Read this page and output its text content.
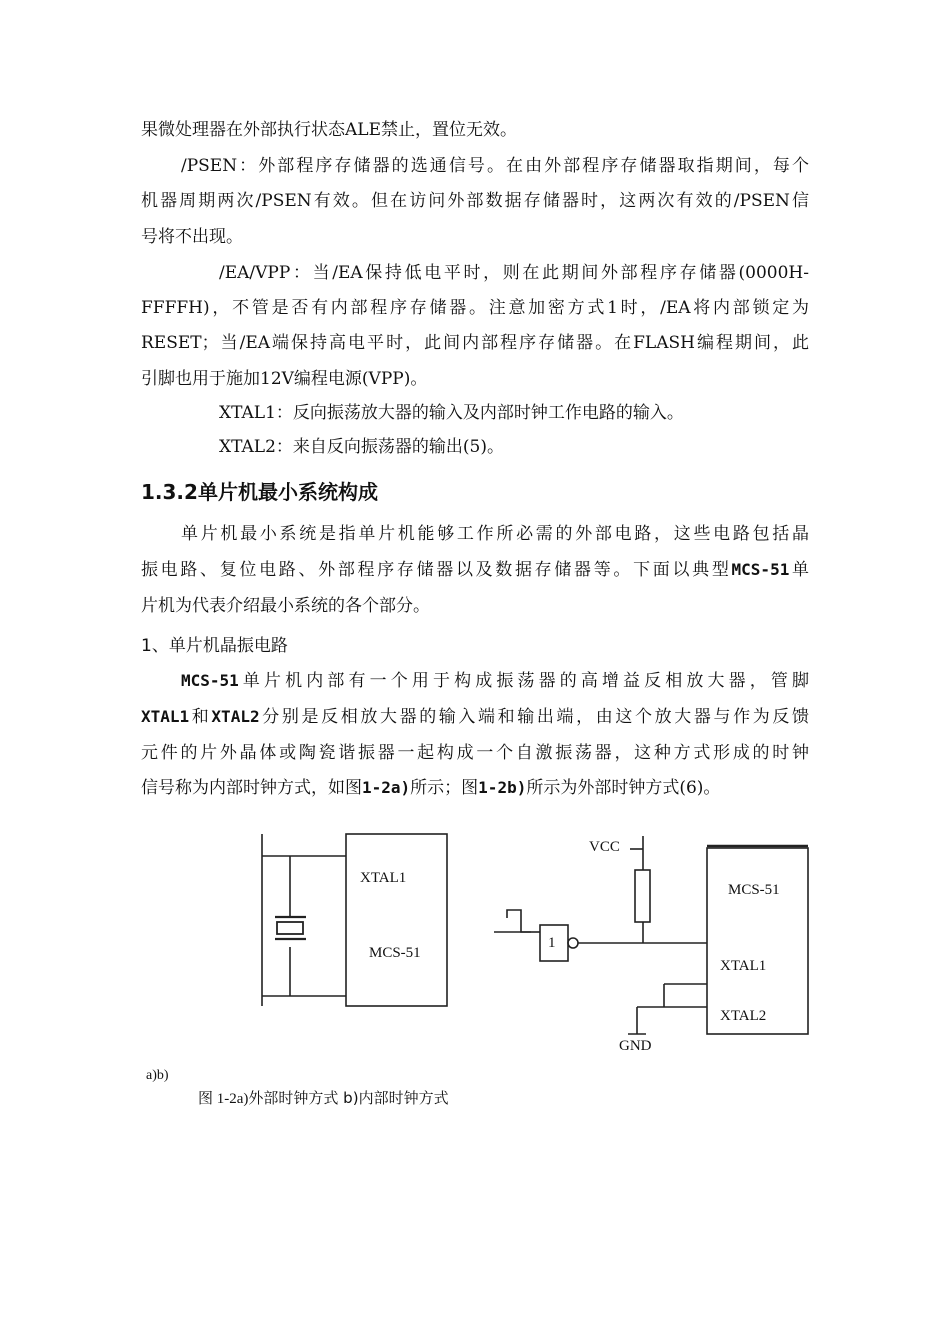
果微处理器在外部执行状态ALE禁止，置位无效。
/PSEN：外部程序存储器的选通信号。在由外部程序存储器取指期间，每个
机器周期两次/PSEN有效。但在访问外部数据存储器时，这两次有效的/PSEN信
号将不出现。
/EA/VPP：当/EA保持低电平时，则在此期间外部程序存储器(0000H-
FFFFH)，不管是否有内部程序存储器。注意加密方式1时，/EA将内部锁定为
RESET；当/EA端保持高电平时，此间内部程序存储器。在FLASH编程期间，此
引脚也用于施加12V编程电源(VPP)。
XTAL1：反向振荡放大器的输入及内部时钟工作电路的输入。
XTAL2：来自反向振荡器的输出(5)。
1.3.2单片机最小系统构成
单片机最小系统是指单片机能够工作所必需的外部电路，这些电路包括晶
振电路、复位电路、外部程序存储器以及数据存储器等。下面以典型MCS-51单
片机为代表介绍最小系统的各个部分。
1、单片机晶振电路
MCS-51单片机内部有一个用于构成振荡器的高增益反相放大器，管脚
XTAL1和XTAL2分别是反相放大器的输入端和输出端，由这个放大器与作为反馈
元件的片外晶体或陶瓷谐振器一起构成一个自激振荡器，这种方式形成的时钟
信号称为内部时钟方式，如图1-2a)所示；图1-2b)所示为外部时钟方式(6)。
XTAL1
MCS-51
VCC
MCS-51
1
XTAL1
XTAL2
GND
a)b)
图 1-2a)外部时钟方式 b)内部时钟方式
